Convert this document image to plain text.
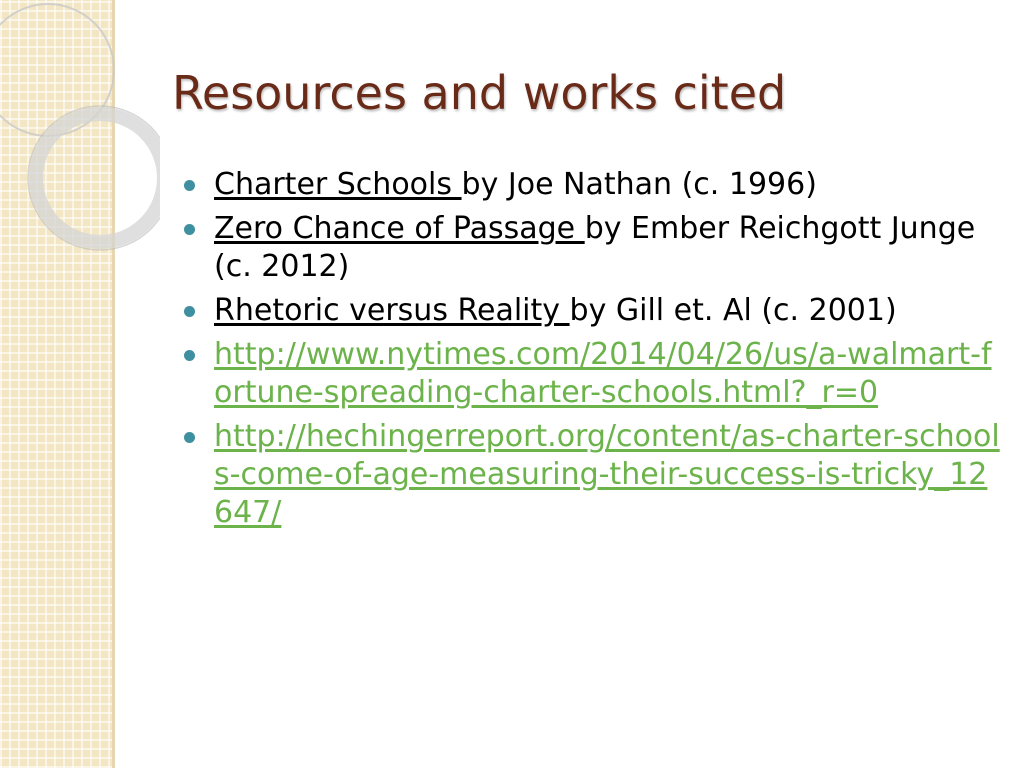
Resources and works cited
Charter Schools by Joe Nathan (c. 1996)
Zero Chance of Passage by Ember Reichgott Junge (c. 2012)
Rhetoric versus Reality by Gill et. Al (c. 2001)
http://www.nytimes.com/2014/04/26/us/a-walmart-fortune-spreading-charter-schools.html?_r=0
http://hechingerreport.org/content/as-charter-schools-come-of-age-measuring-their-success-is-tricky_12647/
